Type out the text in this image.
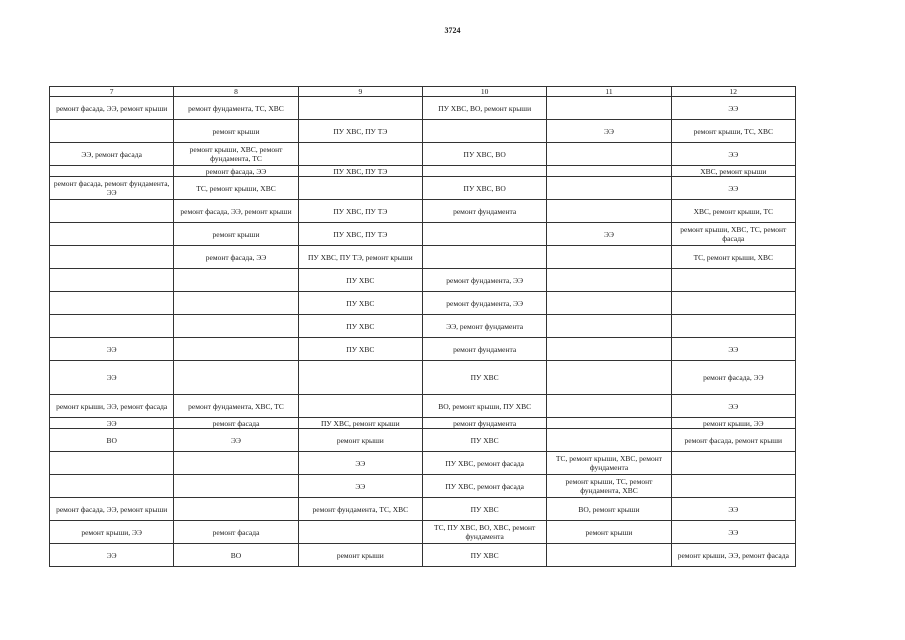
3724
7	8	9	10	11	12
ремонт фасада, ЭЭ, ремонт крыши	ремонт фундамента, ТС, ХВС		ПУ ХВС, ВО, ремонт крыши		ЭЭ
	ремонт крыши	ПУ ХВС, ПУ ТЭ		ЭЭ	ремонт крыши, ТС, ХВС
ЭЭ, ремонт фасада	ремонт крыши, ХВС, ремонт фундамента, ТС		ПУ ХВС, ВО		ЭЭ
	ремонт фасада, ЭЭ	ПУ ХВС, ПУ ТЭ			ХВС, ремонт крыши
ремонт фасада, ремонт фундамента, ЭЭ	ТС, ремонт крыши, ХВС		ПУ ХВС, ВО		ЭЭ
	ремонт фасада, ЭЭ, ремонт крыши	ПУ ХВС, ПУ ТЭ	ремонт фундамента		ХВС, ремонт крыши, ТС
	ремонт крыши	ПУ ХВС, ПУ ТЭ		ЭЭ	ремонт крыши, ХВС, ТС, ремонт фасада
	ремонт фасада, ЭЭ	ПУ ХВС, ПУ ТЭ, ремонт крыши			ТС, ремонт крыши, ХВС
		ПУ ХВС	ремонт фундамента, ЭЭ		
		ПУ ХВС	ремонт фундамента, ЭЭ		
		ПУ ХВС	ЭЭ, ремонт фундамента		
ЭЭ		ПУ ХВС	ремонт фундамента		ЭЭ
ЭЭ			ПУ ХВС		ремонт фасада, ЭЭ
ремонт крыши, ЭЭ, ремонт фасада	ремонт фундамента, ХВС, ТС		ВО, ремонт крыши, ПУ ХВС		ЭЭ
ЭЭ	ремонт фасада	ПУ ХВС, ремонт крыши	ремонт фундамента		ремонт крыши, ЭЭ
ВО	ЭЭ	ремонт крыши	ПУ ХВС		ремонт фасада, ремонт крыши
		ЭЭ	ПУ ХВС, ремонт фасада	ТС, ремонт крыши, ХВС, ремонт фундамента	
		ЭЭ	ПУ ХВС, ремонт фасада	ремонт крыши, ТС, ремонт фундамента, ХВС	
ремонт фасада, ЭЭ, ремонт крыши		ремонт фундамента, ТС, ХВС	ПУ ХВС	ВО, ремонт крыши	ЭЭ
ремонт крыши, ЭЭ	ремонт фасада		ТС, ПУ ХВС, ВО, ХВС, ремонт фундамента	ремонт крыши	ЭЭ
ЭЭ	ВО	ремонт крыши	ПУ ХВС		ремонт крыши, ЭЭ, ремонт фасада
